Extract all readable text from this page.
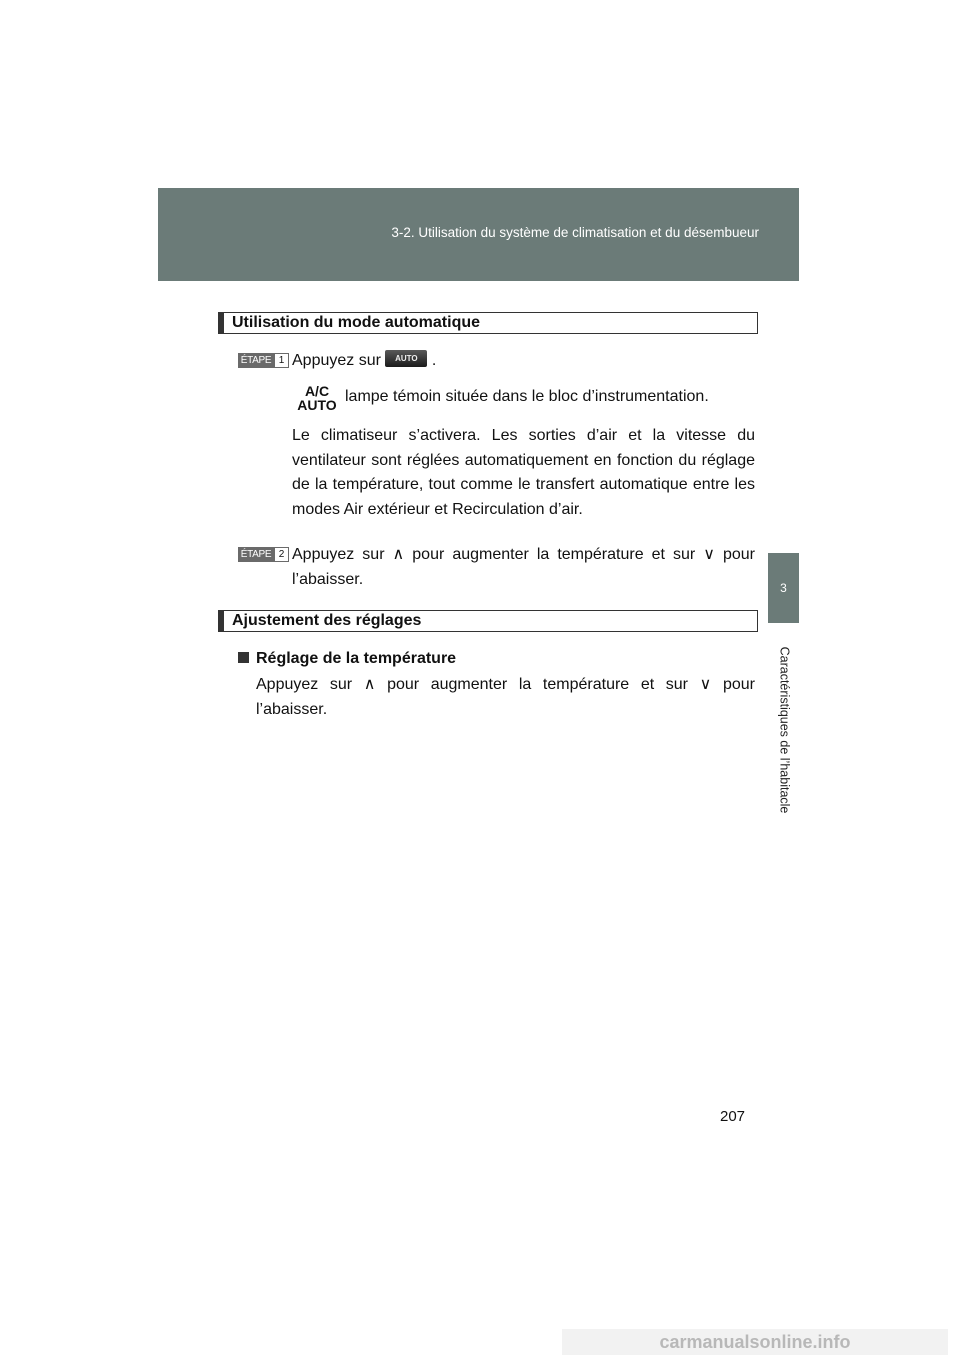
3-2. Utilisation du système de climatisation et du désembueur
3
Caractéristiques de l’habitacle
Utilisation du mode automatique
ÉTAPE 1 Appuyez sur AUTO .

A/C
AUTO lampe témoin située dans le bloc d’instrumentation.

Le climatiseur s’activera. Les sorties d’air et la vitesse du ventilateur sont réglées automatiquement en fonction du réglage de la température, tout comme le transfert automatique entre les modes Air extérieur et Recirculation d’air.

ÉTAPE 2 Appuyez sur ∧ pour augmenter la température et sur ∨ pour l’abaisser.

Ajustement des réglages
Réglage de la température

Appuyez sur ∧ pour augmenter la température et sur ∨ pour l’abaisser.

207
carmanualsonline.info
